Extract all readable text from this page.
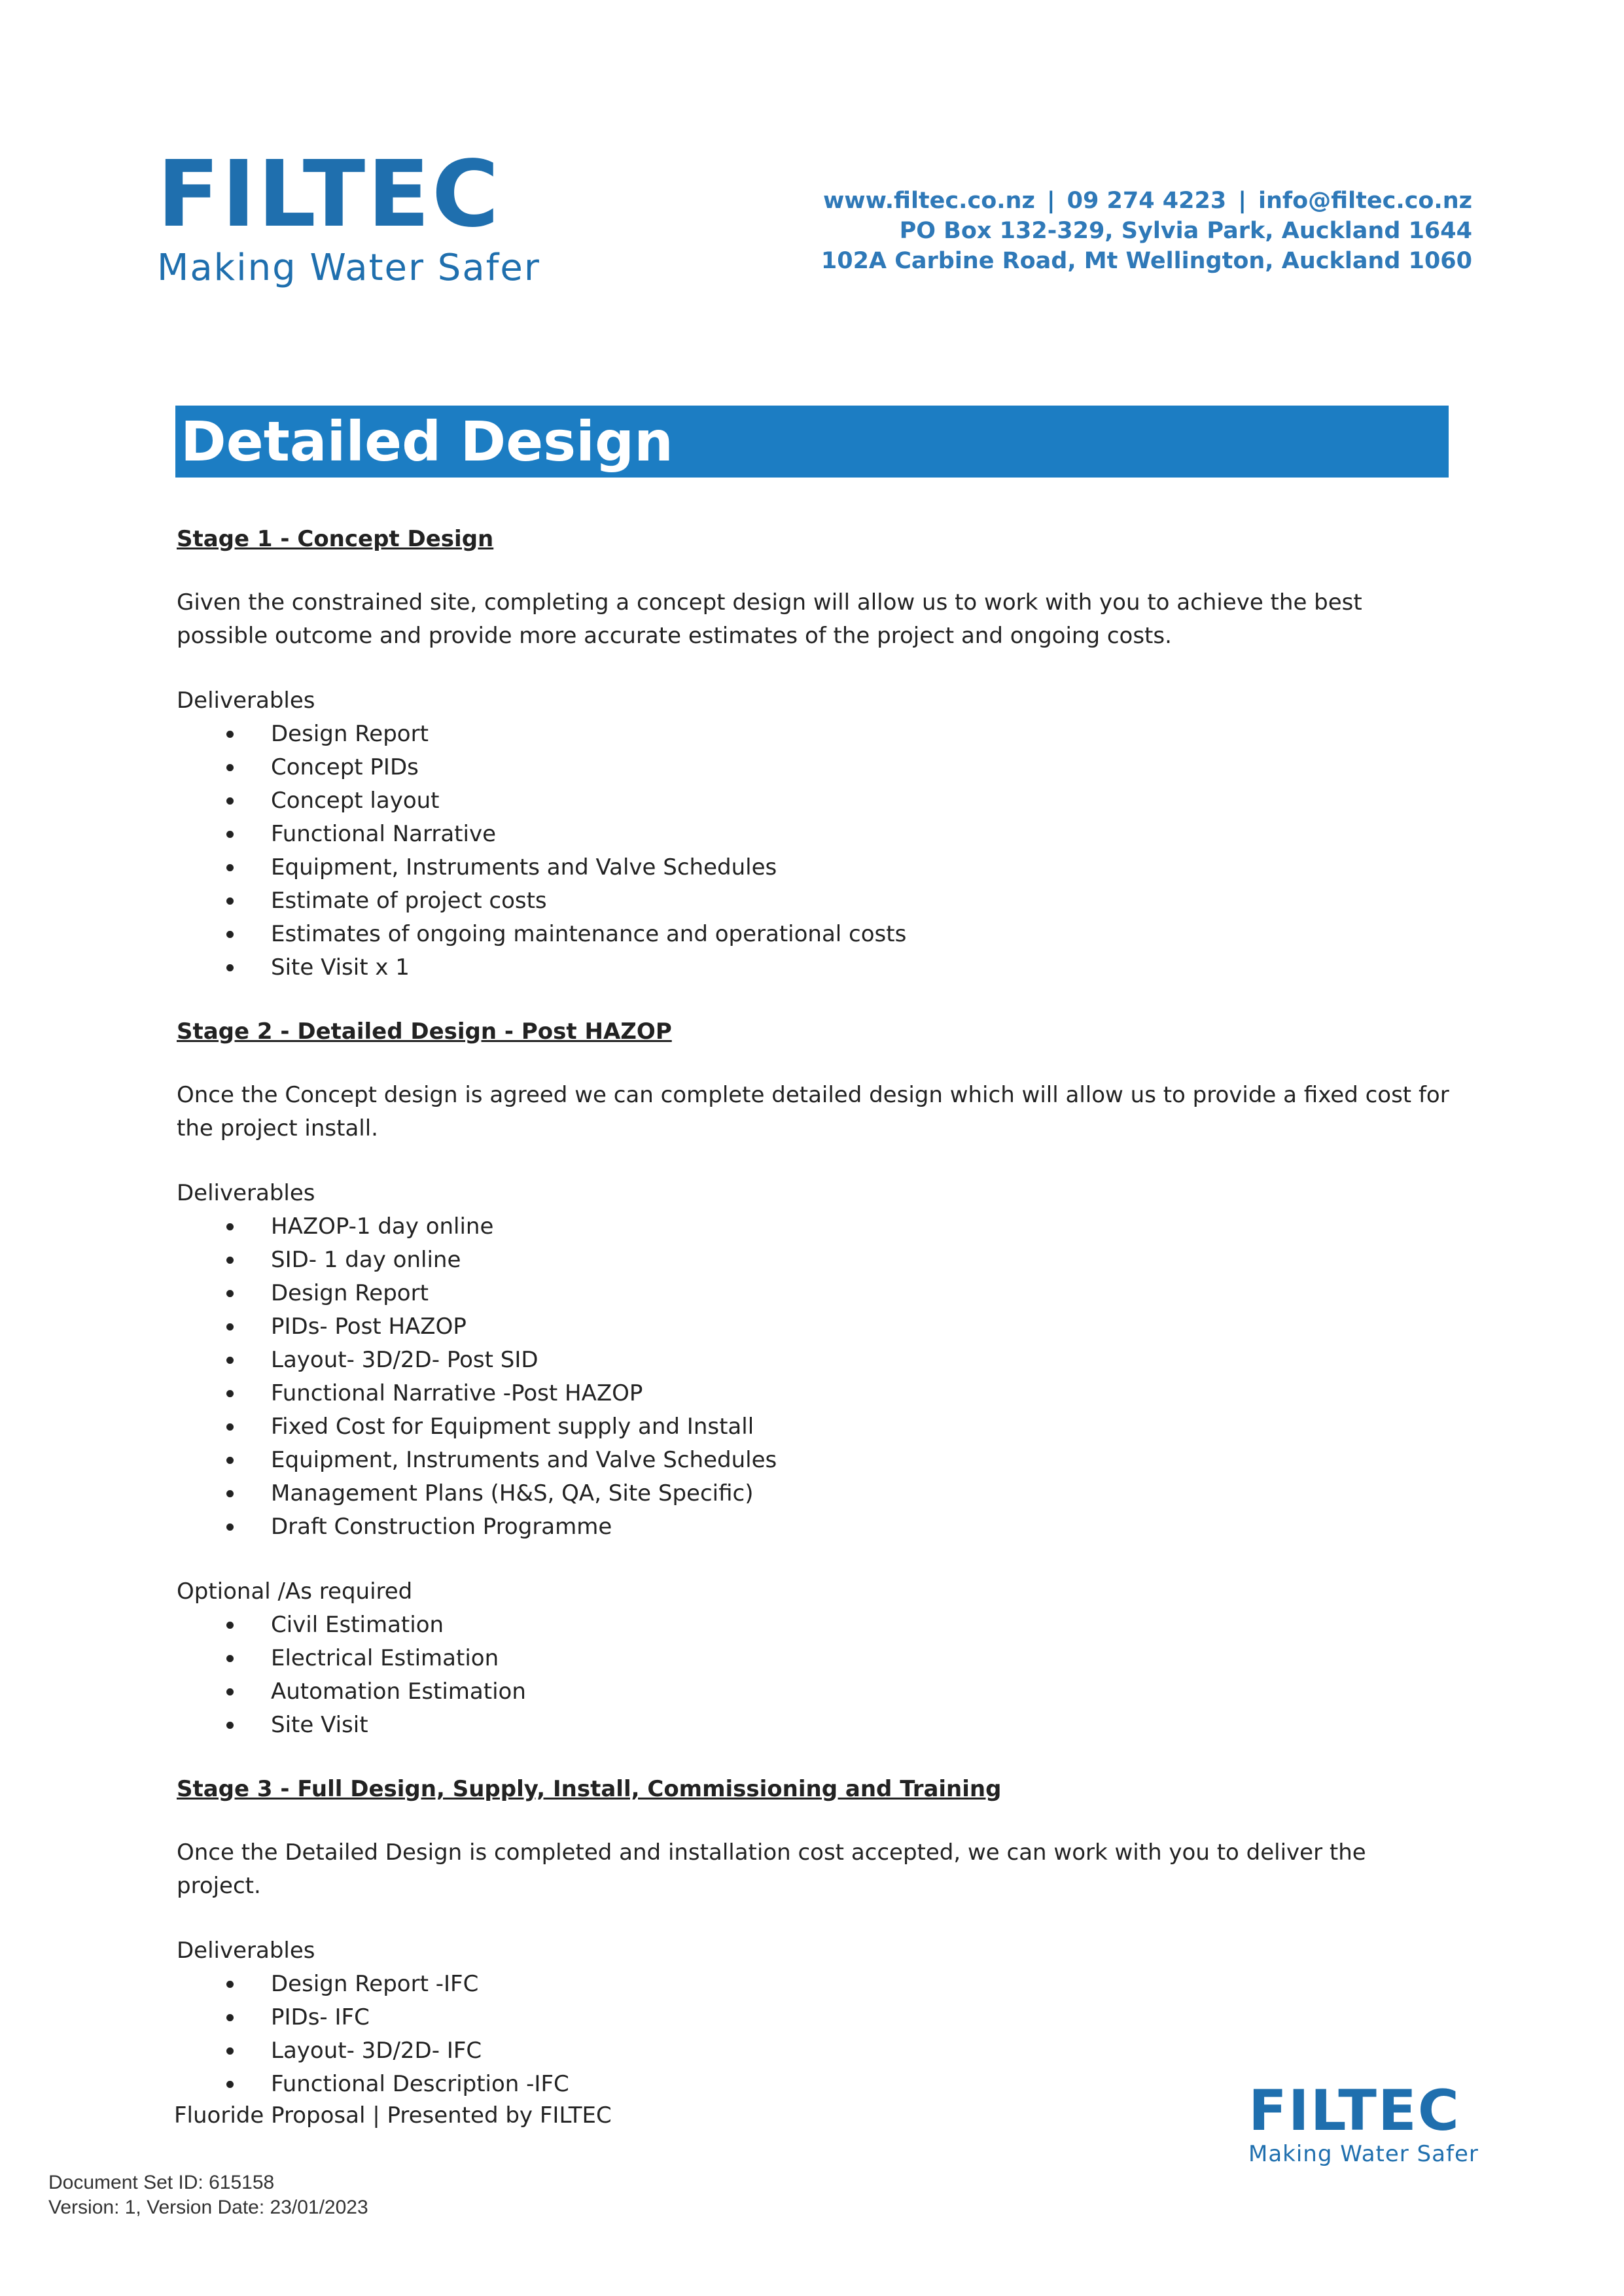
FILTEC
Making Water Safer
www.filtec.co.nz | 09 274 4223 | info@filtec.co.nz
PO Box 132-329, Sylvia Park, Auckland 1644
102A Carbine Road, Mt Wellington, Auckland 1060
Detailed Design

Stage 1 - Concept Design

Given the constrained site, completing a concept design will allow us to work with you to achieve the best possible outcome and provide more accurate estimates of the project and ongoing costs.

Deliverables

Design Report
Concept PIDs
Concept layout
Functional Narrative
Equipment, Instruments and Valve Schedules
Estimate of project costs
Estimates of ongoing maintenance and operational costs
Site Visit x 1

Stage 2 - Detailed Design - Post HAZOP

Once the Concept design is agreed we can complete detailed design which will allow us to provide a fixed cost for the project install.

Deliverables

HAZOP-1 day online
SID- 1 day online
Design Report
PIDs- Post HAZOP
Layout- 3D/2D- Post SID
Functional Narrative -Post HAZOP
Fixed Cost for Equipment supply and Install
Equipment, Instruments and Valve Schedules
Management Plans (H&S, QA, Site Specific)
Draft Construction Programme

Optional /As required

Civil Estimation
Electrical Estimation
Automation Estimation
Site Visit

Stage 3 - Full Design, Supply, Install, Commissioning and Training

Once the Detailed Design is completed and installation cost accepted, we can work with you to deliver the project.

Deliverables

Design Report -IFC
PIDs- IFC
Layout- 3D/2D- IFC
Functional Description -IFC
Fluoride Proposal | Presented by FILTEC	FILTEC
Making Water Safer
Document Set ID: 615158
Version: 1, Version Date: 23/01/2023
